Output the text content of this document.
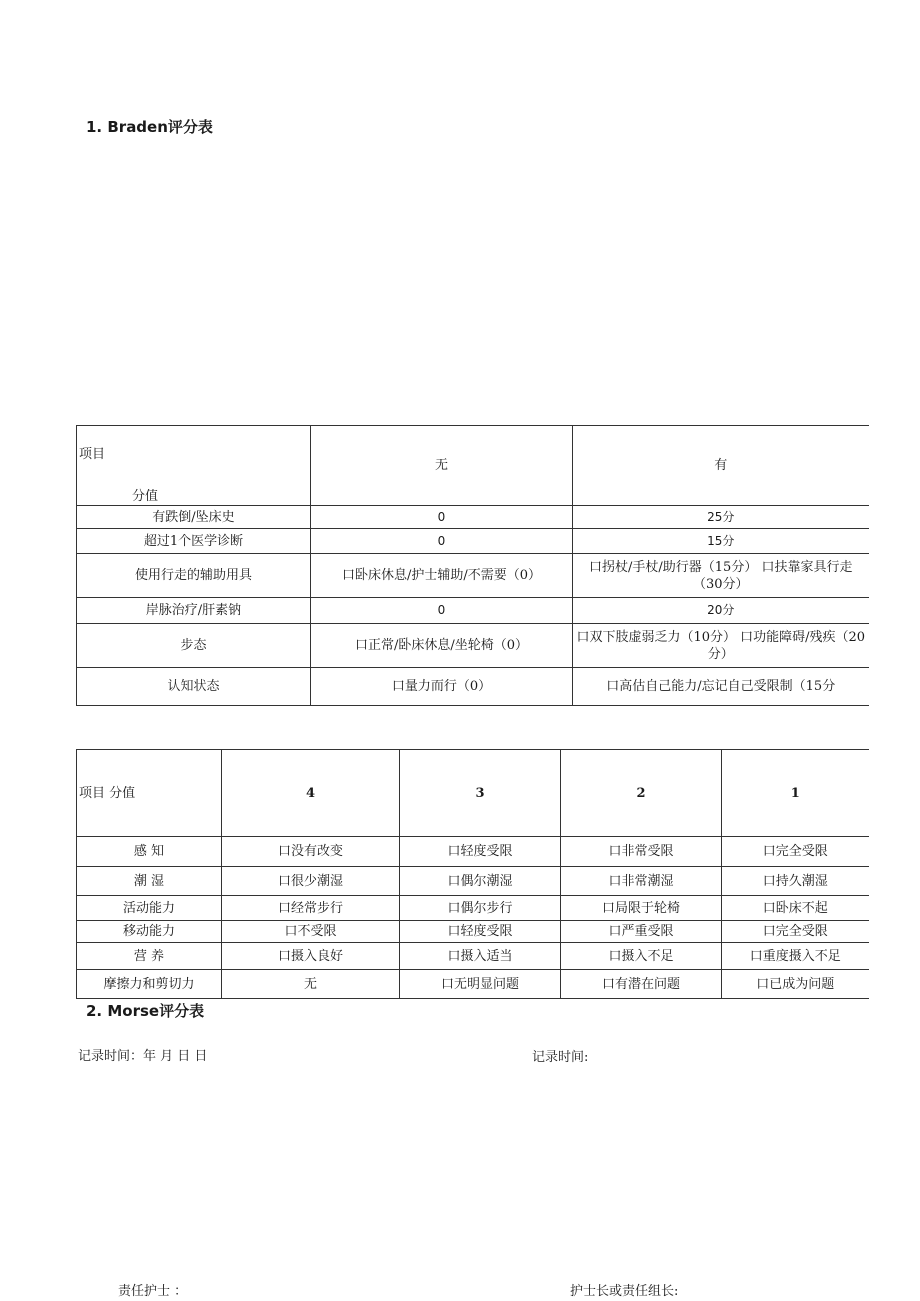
1. Braden评分表
项目
分值	无	有
有跌倒/坠床史	0	25分
超过1个医学诊断	0	15分
使用行走的辅助用具	口卧床休息/护士辅助/不需要（0）	口拐杖/手杖/助行器（15分） 口扶靠家具行走（30分）
岸脉治疗/肝素钠	0	20分
步态	口正常/卧床休息/坐轮椅（0）	口双下肢虚弱乏力（10分） 口功能障碍/残疾（20分）
认知状态	口量力而行（0）	口高估自己能力/忘记自己受限制（15分
项目 分值	4	3	2	1
感 知	口没有改变	口轻度受限	口非常受限	口完全受限
潮 湿	口很少潮湿	口偶尔潮湿	口非常潮湿	口持久潮湿
活动能力	口经常步行	口偶尔步行	口局限于轮椅	口卧床不起
移动能力	口不受限	口轻度受限	口严重受限	口完全受限
营 养	口摄入良好	口摄入适当	口摄入不足	口重度摄入不足
摩擦力和剪切力	无	口无明显问题	口有潜在问题	口已成为问题
2. Morse评分表
记录时间：年 月 日 日	记录时间:
责任护士 ：	护士长或责任组长:
